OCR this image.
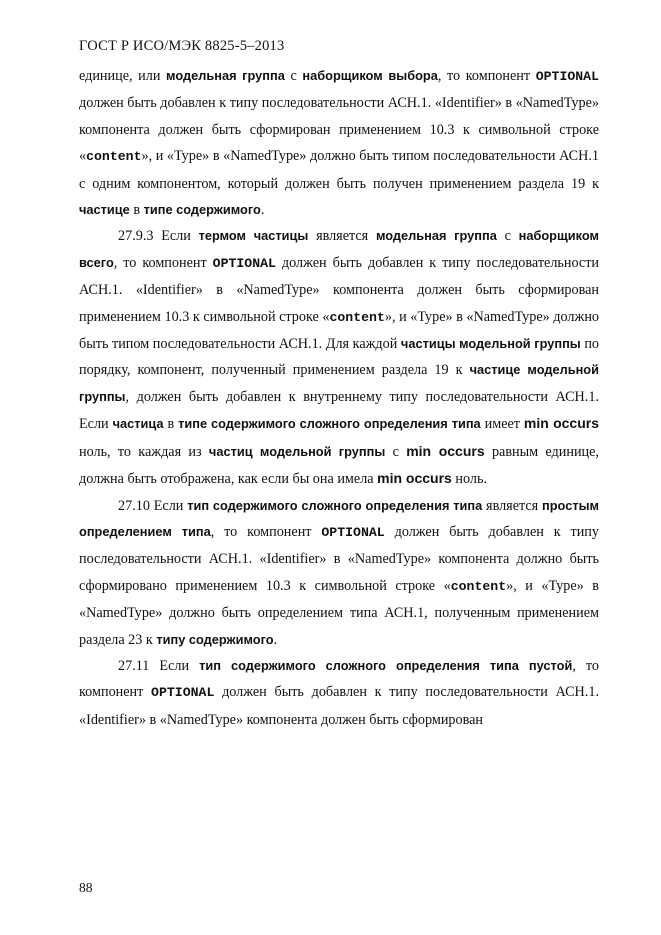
ГОСТ Р ИСО/МЭК 8825-5–2013

единице, или модельная группа с наборщиком выбора, то компонент OPTIONAL должен быть добавлен к типу последовательности АСН.1. «Identifier» в «NamedType» компонента должен быть сформирован применением 10.3 к символьной строке «content», и «Type» в «NamedType» должно быть типом последовательности АСН.1 с одним компонентом, который должен быть получен применением раздела 19 к частице в типе содержимого.

27.9.3 Если термом частицы является модельная группа с наборщиком всего, то компонент OPTIONAL должен быть добавлен к типу последовательности АСН.1. «Identifier» в «NamedType» компонента должен быть сформирован применением 10.3 к символьной строке «content», и «Type» в «NamedType» должно быть типом последовательности АСН.1. Для каждой частицы модельной группы по порядку, компонент, полученный применением раздела 19 к частице модельной группы, должен быть добавлен к внутреннему типу последовательности АСН.1. Если частица в типе содержимого сложного определения типа имеет min occurs ноль, то каждая из частиц модельной группы с min occurs равным единице, должна быть отображена, как если бы она имела min occurs ноль.

27.10 Если тип содержимого сложного определения типа является простым определением типа, то компонент OPTIONAL должен быть добавлен к типу последовательности АСН.1. «Identifier» в «NamedType» компонента должно быть сформировано применением 10.3 к символьной строке «content», и «Type» в «NamedType» должно быть определением типа АСН.1, полученным применением раздела 23 к типу содержимого.

27.11 Если тип содержимого сложного определения типа пустой, то компонент OPTIONAL должен быть добавлен к типу последовательности АСН.1. «Identifier» в «NamedType» компонента должен быть сформирован

88
